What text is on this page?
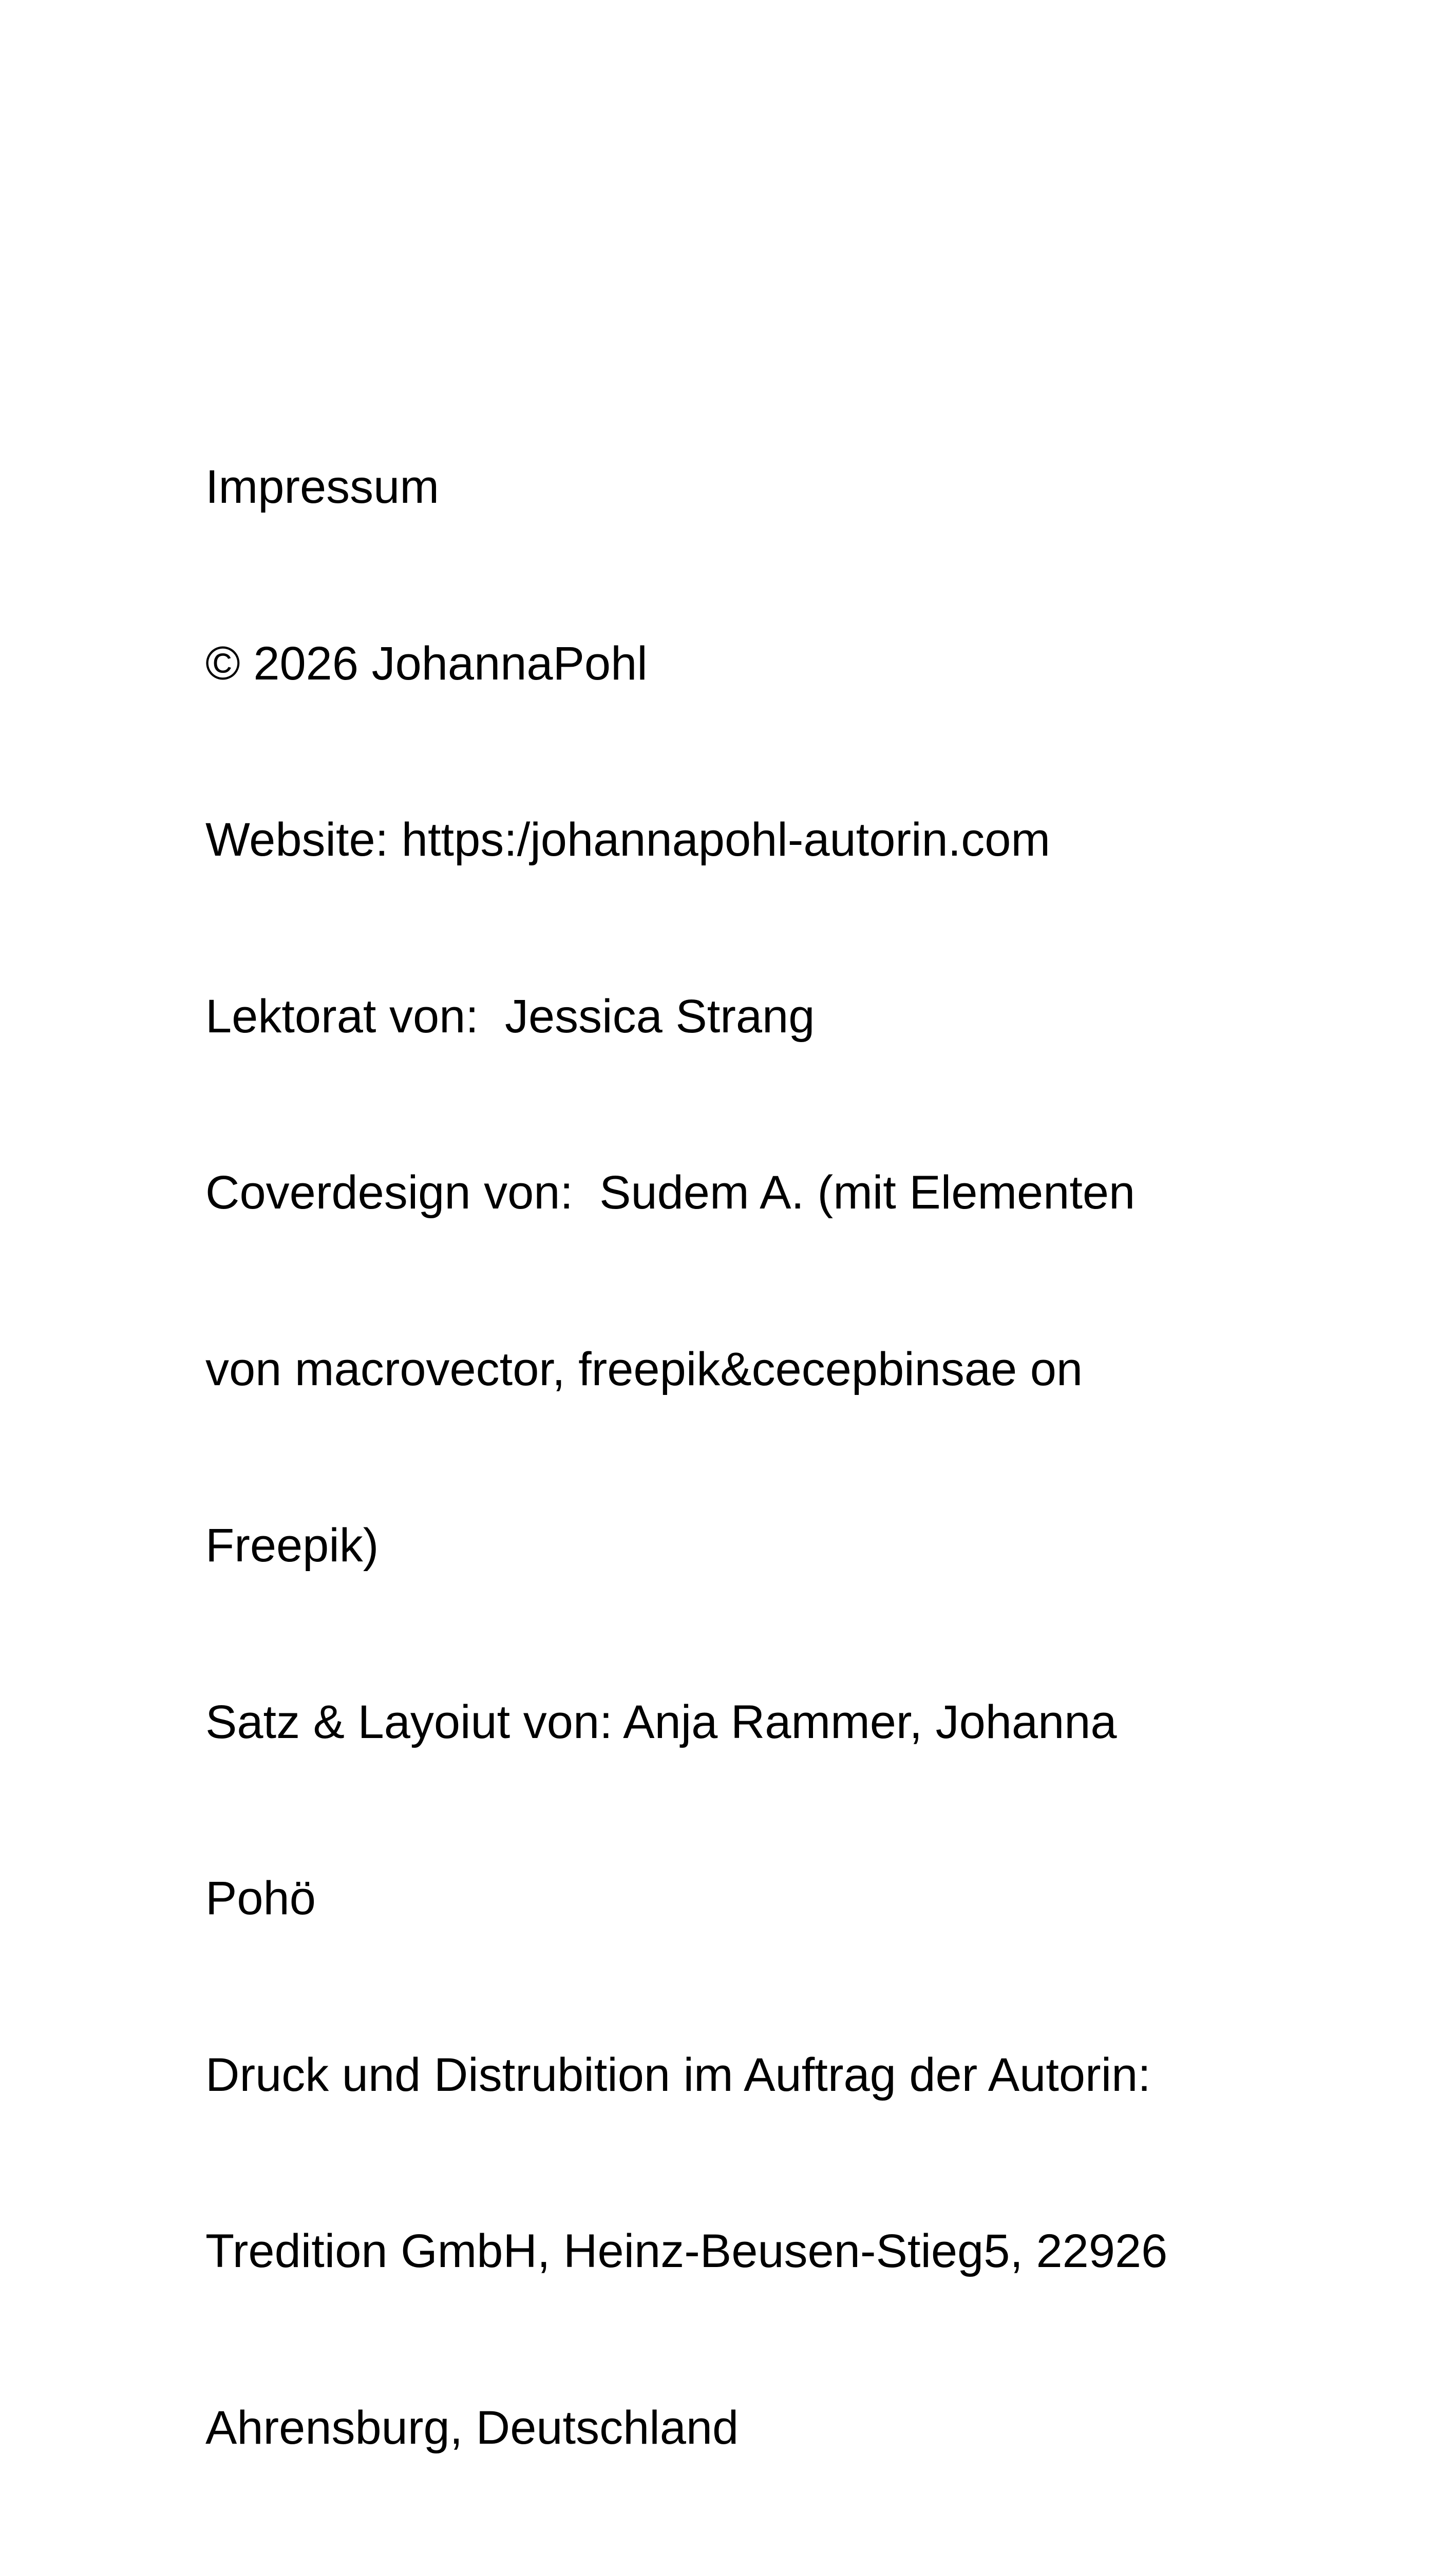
Impressum

© 2026 JohannaPohl

Website: https:/johannapohl-autorin.com

Lektorat von:  Jessica Strang

Coverdesign von:  Sudem A. (mit Elementen

von macrovector, freepik&cecepbinsae on

Freepik)

Satz & Layoiut von: Anja Rammer, Johanna

Pohö

Druck und Distrubition im Auftrag der Autorin:

Tredition GmbH, Heinz-Beusen-Stieg5, 22926

Ahrensburg, Deutschland
